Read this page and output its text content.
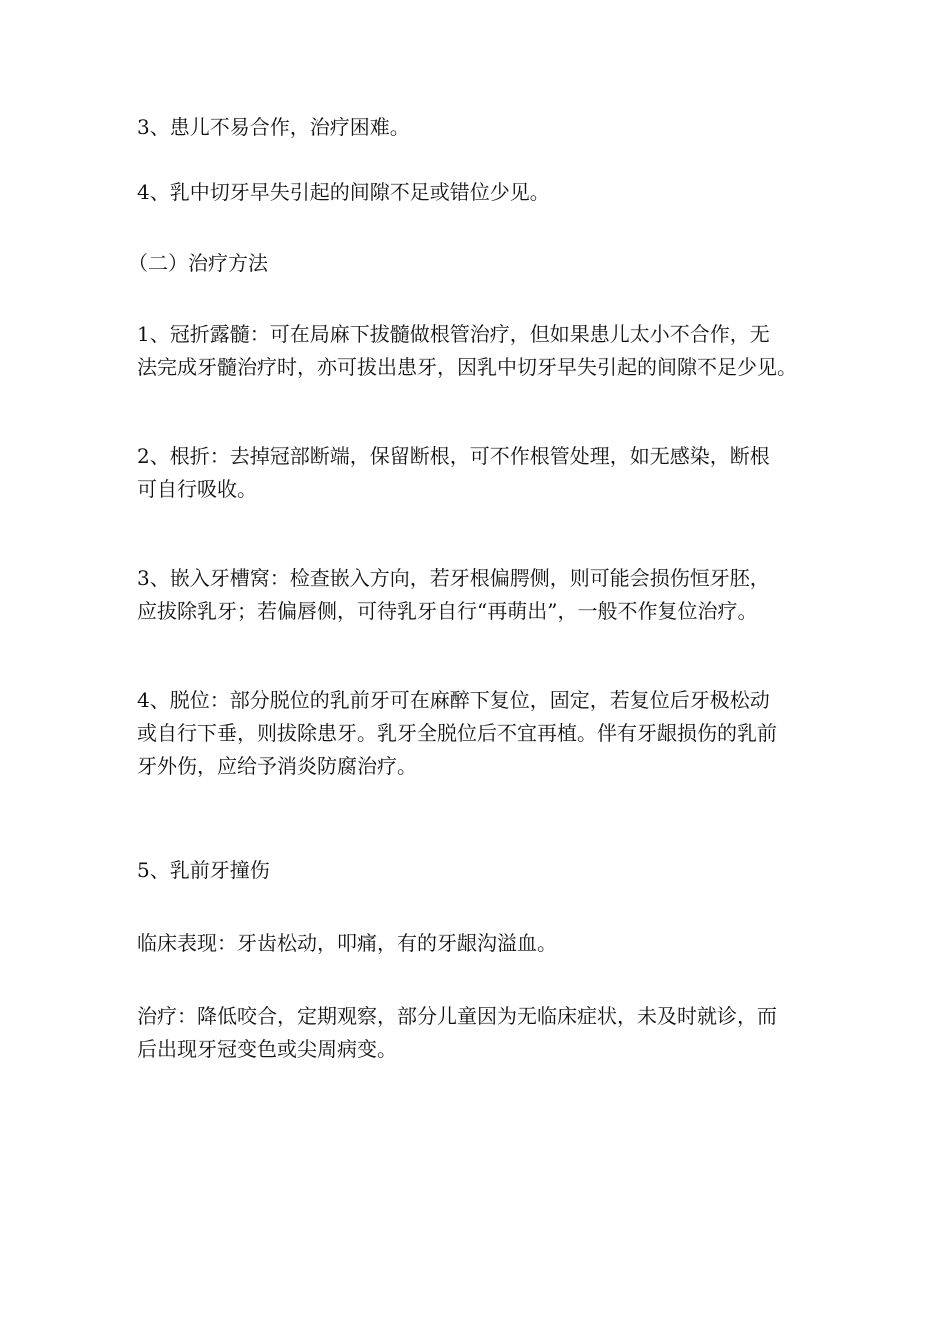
3、患儿不易合作，治疗困难。

4、乳中切牙早失引起的间隙不足或错位少见。

（二）治疗方法

1、冠折露髓：可在局麻下拔髓做根管治疗，但如果患儿太小不合作，无
法完成牙髓治疗时，亦可拔出患牙，因乳中切牙早失引起的间隙不足少见。

2、根折：去掉冠部断端，保留断根，可不作根管处理，如无感染，断根
可自行吸收。

3、嵌入牙槽窝：检查嵌入方向，若牙根偏腭侧，则可能会损伤恒牙胚，
应拔除乳牙；若偏唇侧，可待乳牙自行“再萌出”，一般不作复位治疗。

4、脱位：部分脱位的乳前牙可在麻醉下复位，固定，若复位后牙极松动
或自行下垂，则拔除患牙。乳牙全脱位后不宜再植。伴有牙龈损伤的乳前
牙外伤，应给予消炎防腐治疗。

5、乳前牙撞伤

临床表现：牙齿松动，叩痛，有的牙龈沟溢血。

治疗：降低咬合，定期观察，部分儿童因为无临床症状，未及时就诊，而
后出现牙冠变色或尖周病变。
